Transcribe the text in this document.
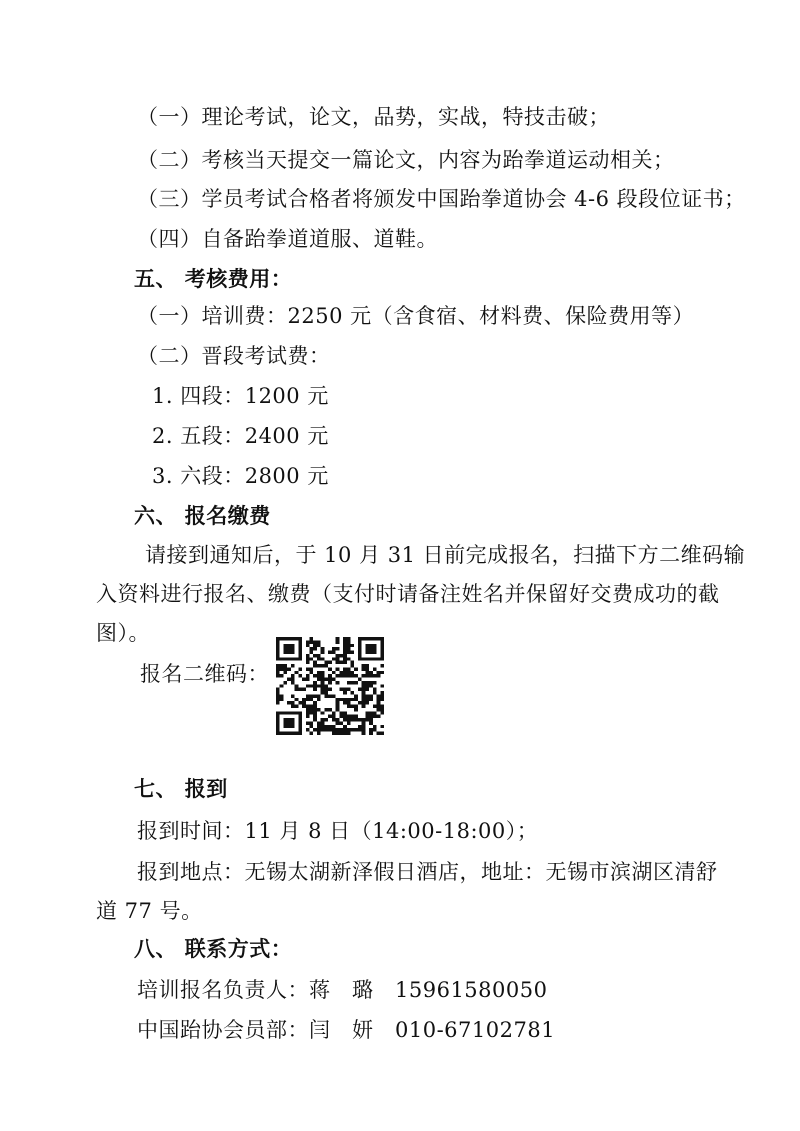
（一）理论考试，论文，品势，实战，特技击破；
（二）考核当天提交一篇论文，内容为跆拳道运动相关；
（三）学员考试合格者将颁发中国跆拳道协会 4-6 段段位证书；
（四）自备跆拳道道服、道鞋。
五、 考核费用：
（一）培训费：2250 元（含食宿、材料费、保险费用等）
（二）晋段考试费：
1. 四段：1200 元
2. 五段：2400 元
3. 六段：2800 元
六、 报名缴费
请接到通知后，于 10 月 31 日前完成报名，扫描下方二维码输
入资料进行报名、缴费（支付时请备注姓名并保留好交费成功的截
图）。
报名二维码：
七、 报到
报到时间：11 月 8 日（14:00-18:00）；
报到地点：无锡太湖新泽假日酒店，地址：无锡市滨湖区清舒
道 77 号。
八、 联系方式：
培训报名负责人：蒋　璐　15961580050
中国跆协会员部：闫　妍　010-67102781
